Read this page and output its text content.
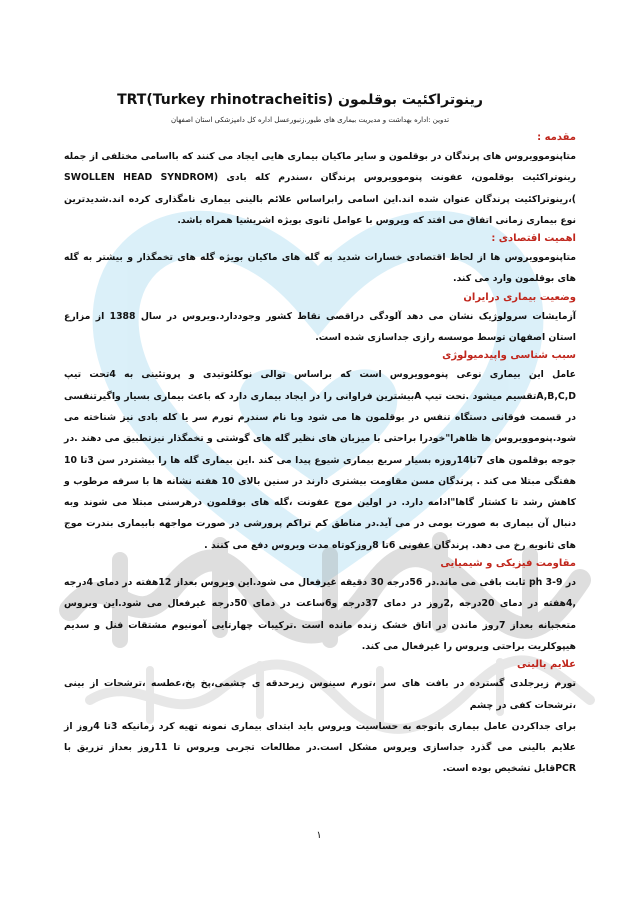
رینوتراکئیت بوقلمون TRT(Turkey rhinotracheitis)
تدوین :اداره بهداشت و مدیریت بیماری های طیور،زنبورعسل اداره کل دامپزشکی استان اصفهان
مقدمه :

متاپنوموویروس های پرندگان در بوقلمون و سایر ماکیان بیماری هایی ایجاد می کنند که بااسامی مختلفی از جمله رینوتراکئیت بوقلمون، عفونت پنوموویروس پرندگان ،سندرم کله بادی (SWOLLEN HEAD SYNDROM )،رینوتراکئیت پرندگان عنوان شده اند.این اسامی رابراساس علائم بالینی بیماری نامگذاری کرده اند.شدیدترین نوع بیماری زمانی اتفاق می افتد که ویروس با عوامل ثانوی بویژه اشریشیا همراه باشد.

اهمیت اقتصادی :

متاپنوموویروس ها از لحاظ اقتصادی خسارات شدید به گله های ماکیان بویژه گله های تخمگذار و بیشتر به گله های بوقلمون وارد می کند.

وضعیت بیماری درایران

آزمایشات سرولوژیک نشان می دهد آلودگی دراقصی نقاط کشور وجوددارد.ویروس در سال 1388 از مزارع استان اصفهان توسط موسسه رازی جداسازی شده است.

سبب شناسی واپیدمیولوژی

عامل این بیماری نوعی پنوموویروس است که براساس توالی نوکلئوتیدی و پروتئینی به 4تحت تیپ A,B,C,Dتقسیم میشود .تحت تیپ Aبیشترین فراوانی را در ایجاد بیماری دارد که باعث بیماری بسیار واگیرتنفسی در قسمت فوقانی دستگاه تنفس در بوقلمون ها می شود وبا نام سندرم تورم سر یا کله بادی نیز شناخته می شود.پنوموویروس ها ظاهرا"خودرا براحتی با میزبان های نظیر گله های گوشتی و تخمگذار نیزتطبیق می دهند .در جوجه بوقلمون های 7تا14روزه بسیار سریع بیماری شیوع پیدا می کند .این بیماری گله ها را بیشتردر سن 3تا 10 هفتگی مبتلا می کند . پرندگان مسن مقاومت بیشتری دارند در سنین بالای 10 هفته نشانه ها با سرفه مرطوب و کاهش رشد تا کشتار گاها"ادامه دارد. در اولین موج عفونت ،گله های بوقلمون درهرسنی مبتلا می شوند وبه دنبال آن بیماری به صورت بومی در می آید.در مناطق کم تراکم پرورشی در صورت مواجهه بابیماری بندرت موج های ثانویه رخ می دهد. پرندگان عفونی 6تا 8روزکوتاه مدت ویروس دفع می کنند .

مقاومت فیزیکی و شیمیایی

در ph 3-9 ثابت باقی می ماند.در 56درجه 30 دقیقه غیرفعال می شود.این ویروس بعداز 12هفته در دمای 4درجه ,4هفته در دمای 20درجه ,2روز در دمای 37درجه و6ساعت در دمای 50درجه غیرفعال می شود.این ویروس متعجبانه بعداز 7روز ماندن در اتاق خشک زنده مانده است .ترکیبات چهارتایی آمونیوم مشتقات فنل و سدیم هیپوکلریت براحتی ویروس را غیرفعال می کند.

علایم بالینی

تورم زیرجلدی گسترده در بافت های سر ،تورم سینوس زیرحدقه ی چشمی،پخ پخ،عطسه ،ترشحات از بینی ،ترشحات کفی در چشم

برای جداکردن عامل بیماری باتوجه به حساسیت ویروس باید ابتدای بیماری نمونه تهیه کرد زمانیکه 3تا 4روز از علایم بالینی می گذرد جداسازی ویروس مشکل است.در مطالعات تجربی ویروس تا 11روز بعداز تزریق با PCRقابل تشخیص بوده است.

۱
